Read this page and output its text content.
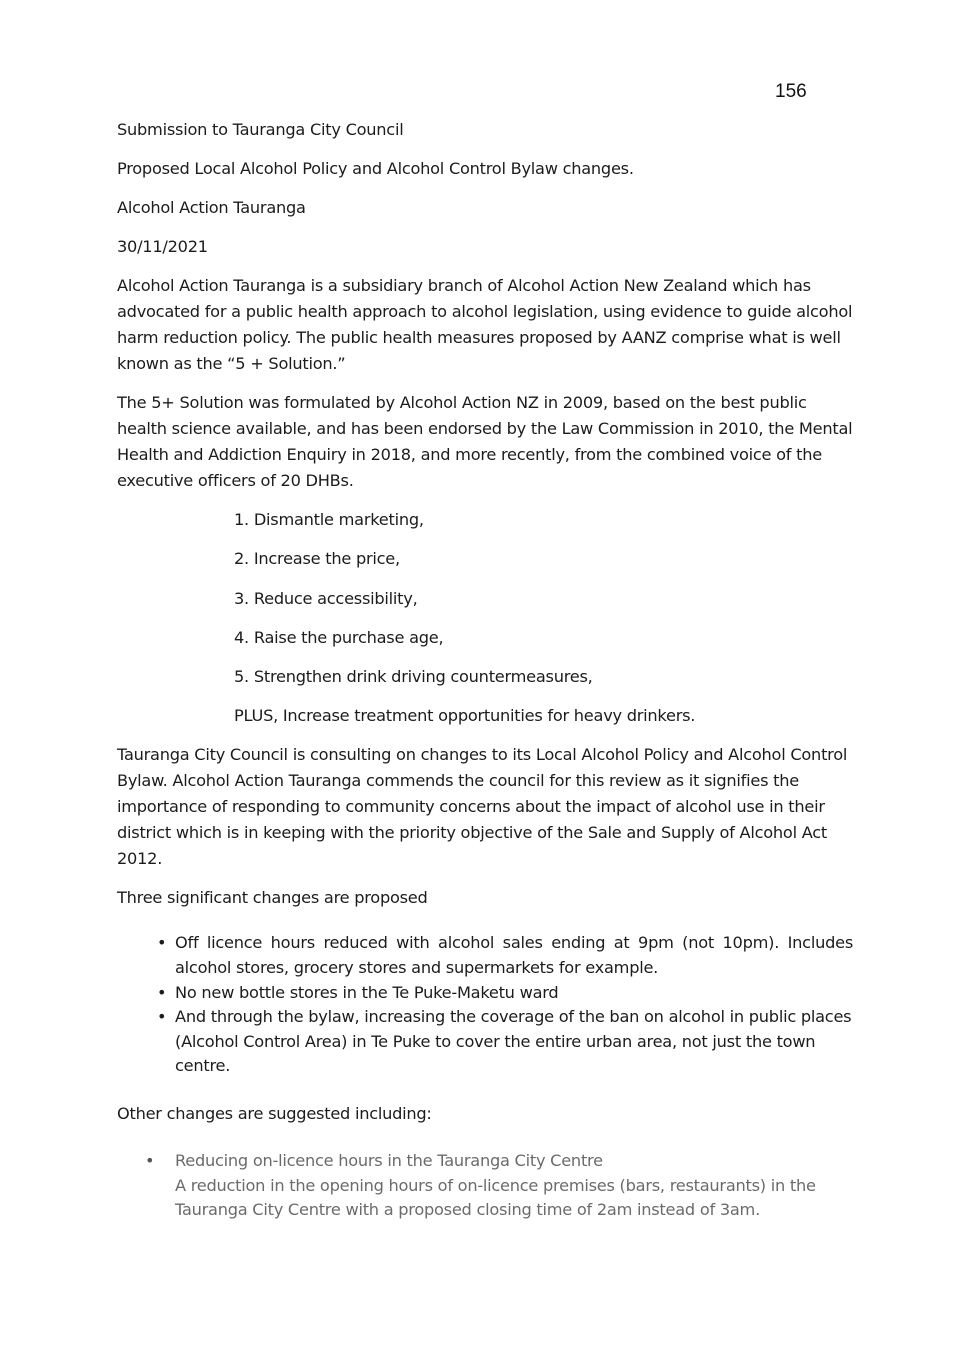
156

Submission to Tauranga City Council

Proposed Local Alcohol Policy and Alcohol Control Bylaw changes.

Alcohol Action Tauranga

30/11/2021

Alcohol Action Tauranga is a subsidiary branch of Alcohol Action New Zealand which has advocated for a public health approach to alcohol legislation, using evidence to guide alcohol harm reduction policy. The public health measures proposed by AANZ comprise what is well known as the “5 + Solution.”

The 5+ Solution was formulated by Alcohol Action NZ in 2009, based on the best public health science available, and has been endorsed by the Law Commission in 2010, the Mental Health and Addiction Enquiry in 2018, and more recently, from the combined voice of the executive officers of 20 DHBs.

1. Dismantle marketing,
2. Increase the price,
3. Reduce accessibility,
4. Raise the purchase age,
5. Strengthen drink driving countermeasures,
PLUS, Increase treatment opportunities for heavy drinkers.

Tauranga City Council is consulting on changes to its Local Alcohol Policy and Alcohol Control Bylaw. Alcohol Action Tauranga commends the council for this review as it signifies the importance of responding to community concerns about the impact of alcohol use in their district which is in keeping with the priority objective of the Sale and Supply of Alcohol Act 2012.

Three significant changes are proposed

• Off licence hours reduced with alcohol sales ending at 9pm (not 10pm). Includes alcohol stores, grocery stores and supermarkets for example.
• No new bottle stores in the Te Puke-Maketu ward
• And through the bylaw, increasing the coverage of the ban on alcohol in public places (Alcohol Control Area) in Te Puke to cover the entire urban area, not just the town centre.

Other changes are suggested including:

• Reducing on-licence hours in the Tauranga City Centre
A reduction in the opening hours of on-licence premises (bars, restaurants) in the Tauranga City Centre with a proposed closing time of 2am instead of 3am.
